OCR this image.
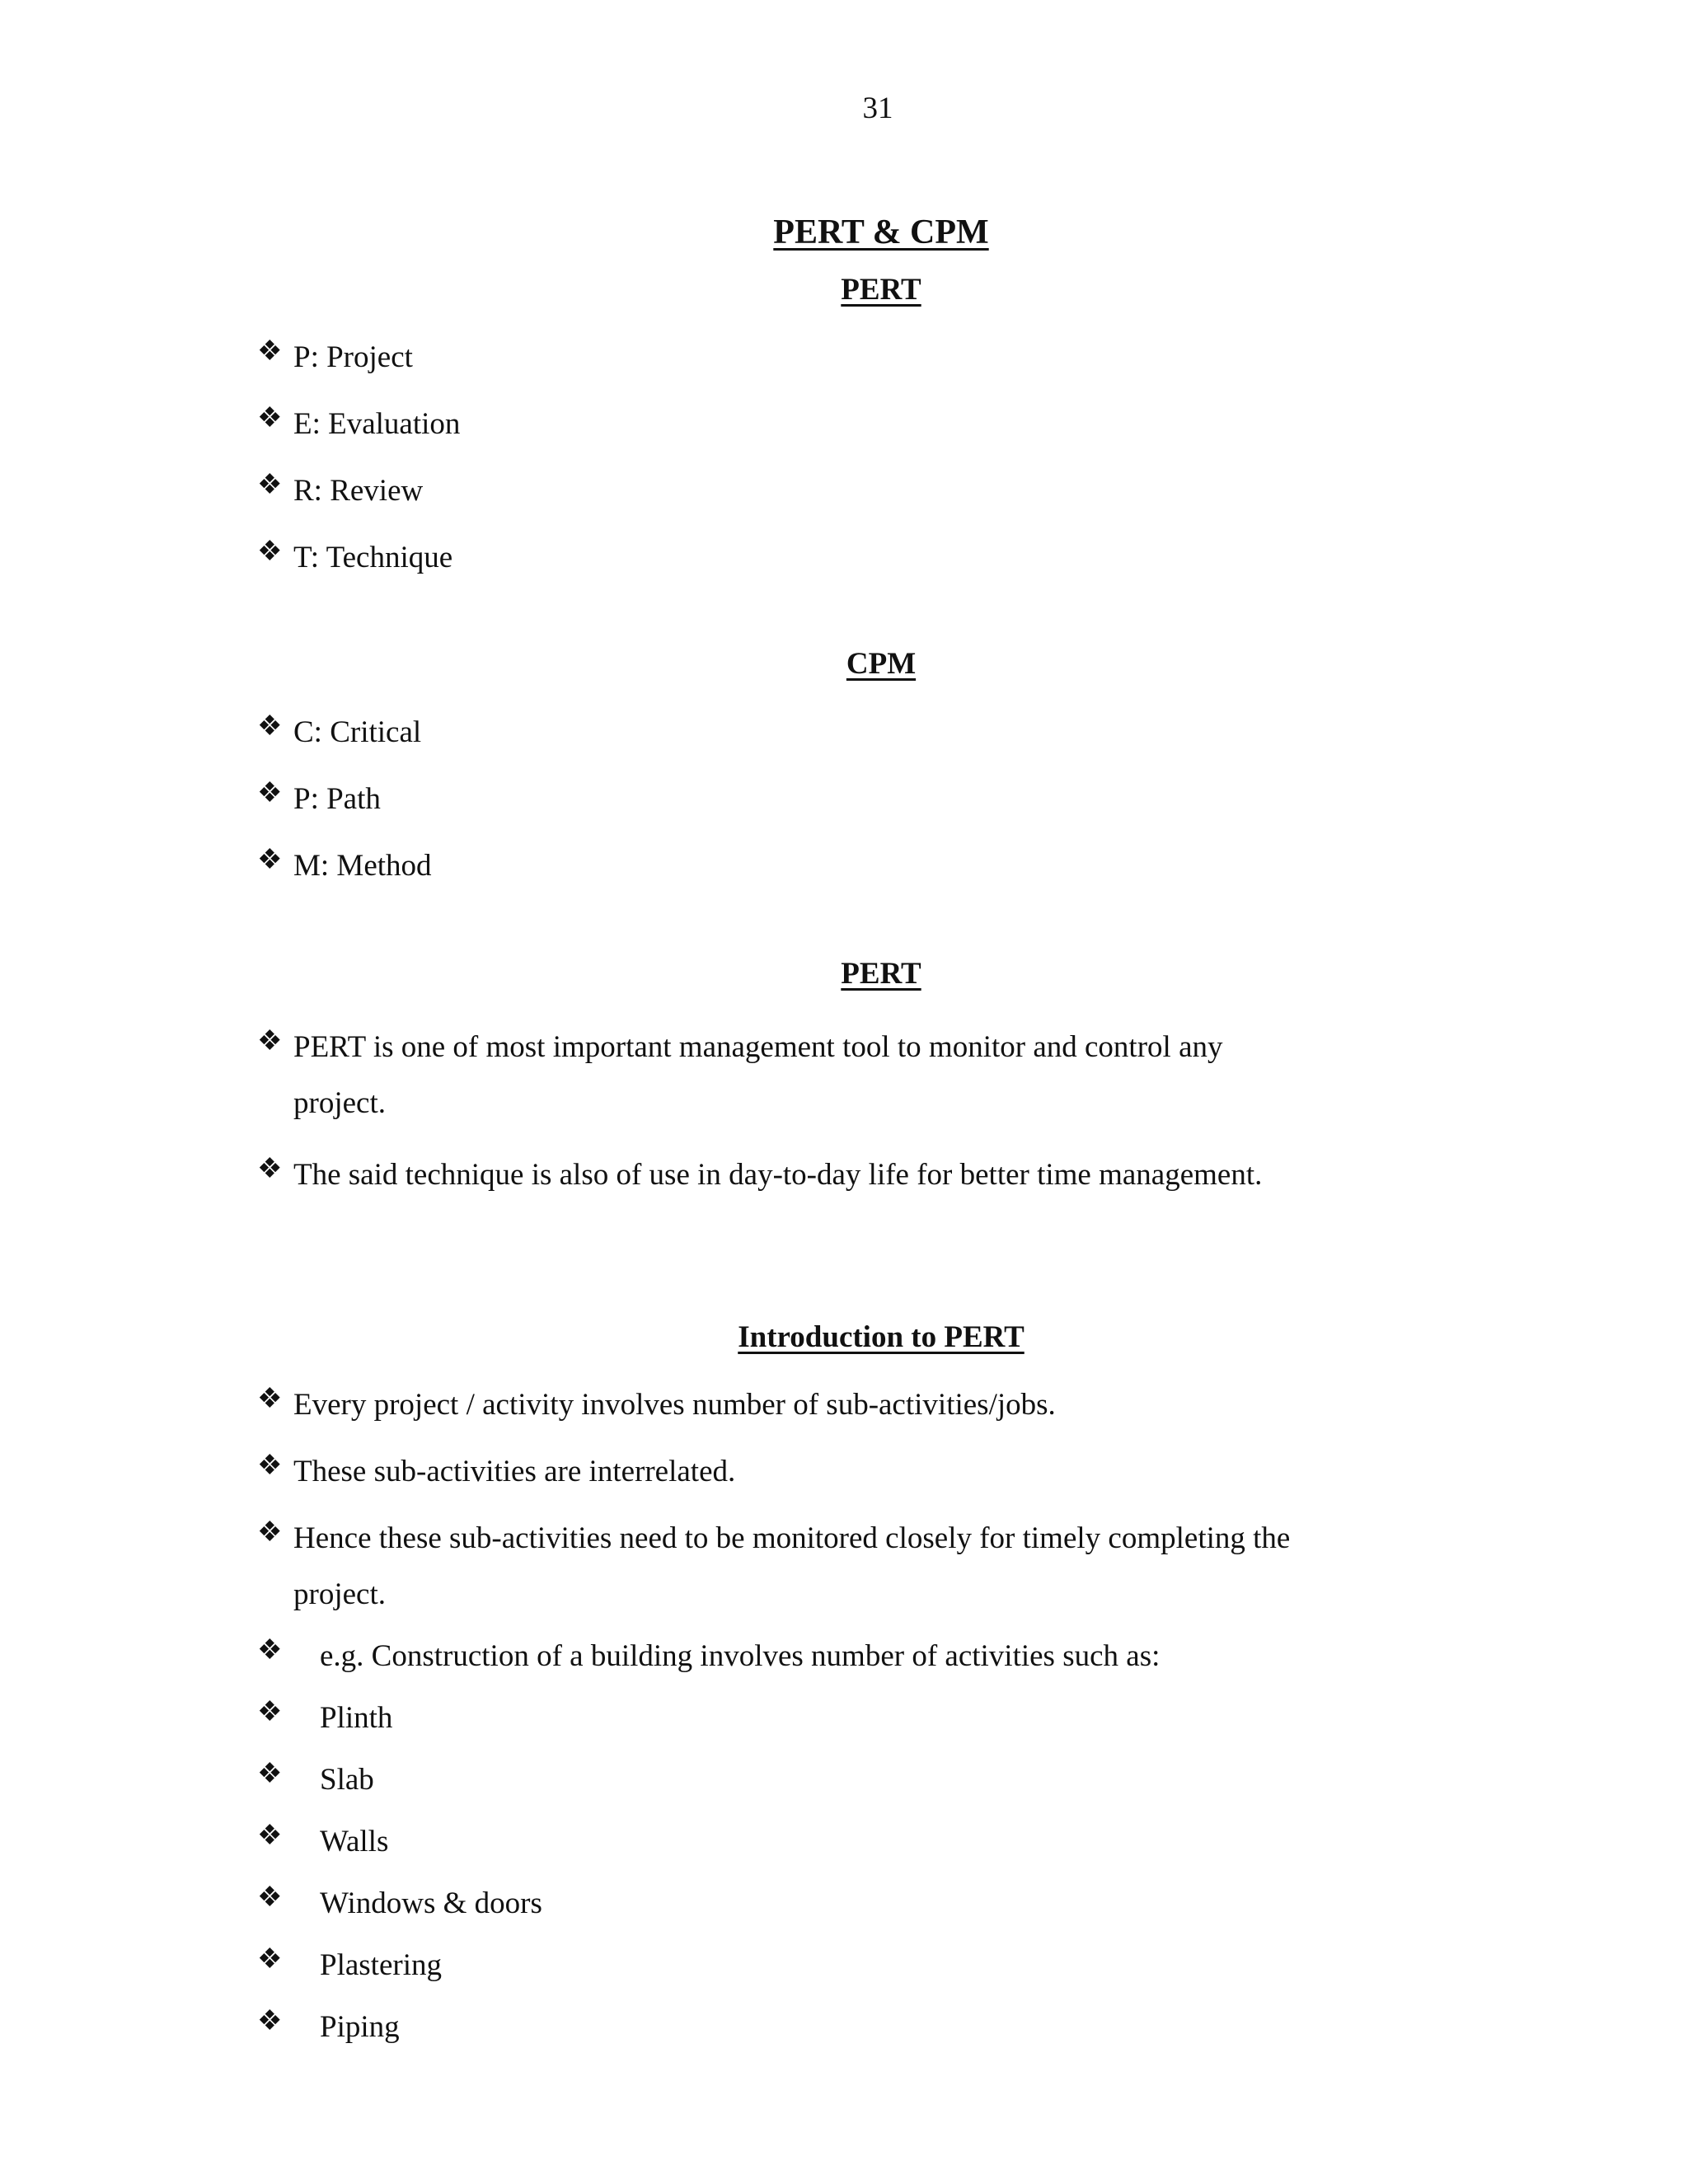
31
PERT & CPM
PERT
❖ P: Project
❖ E: Evaluation
❖ R: Review
❖ T: Technique
CPM
❖ C: Critical
❖ P: Path
❖ M: Method
PERT
❖ PERT is one of most important management tool to monitor and control any
project.
❖ The said technique is also of use in day-to-day life for better time management.
Introduction to PERT
❖ Every project / activity involves number of sub-activities/jobs.
❖ These sub-activities are interrelated.
❖ Hence these sub-activities need to be monitored closely for timely completing the
project.
❖ e.g. Construction of a building involves number of activities such as:
❖ Plinth
❖ Slab
❖ Walls
❖ Windows & doors
❖ Plastering
❖ Piping
